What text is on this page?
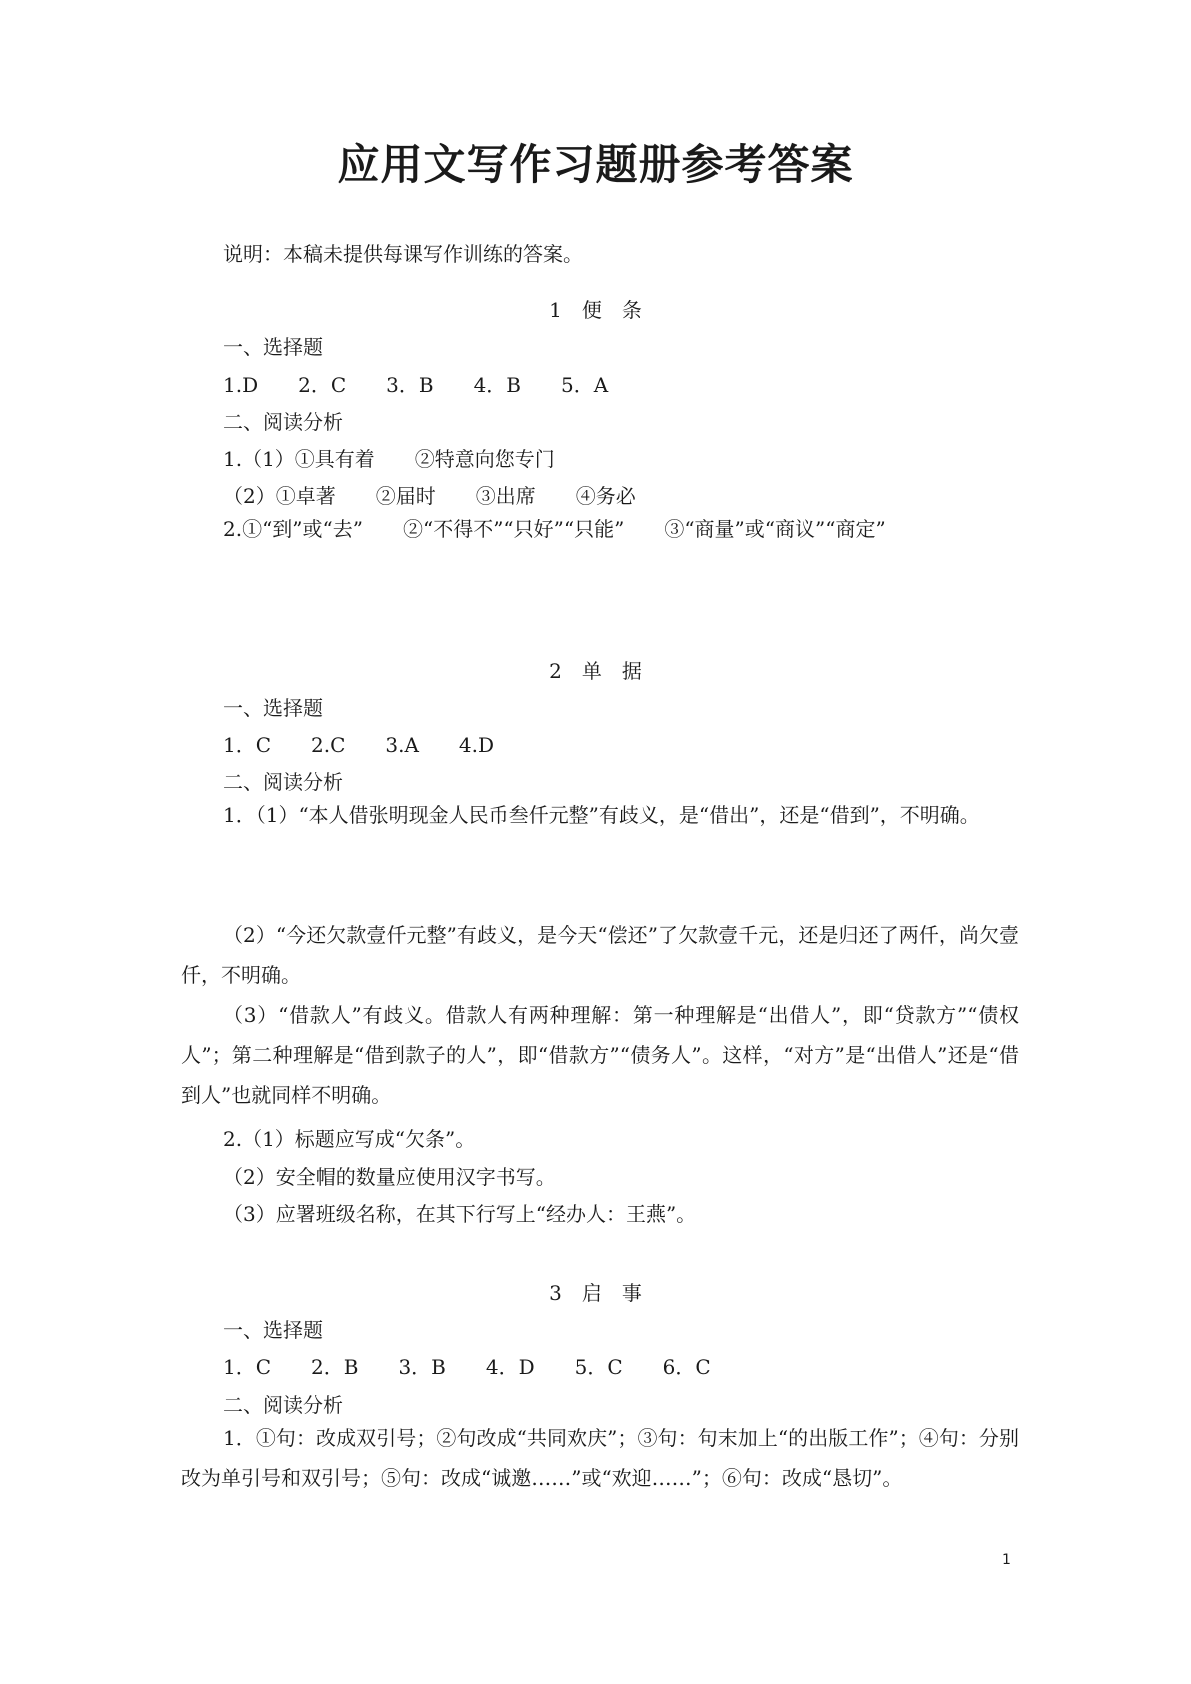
应用文写作习题册参考答案
说明：本稿未提供每课写作训练的答案。
1　便　条
一、选择题
1.D　　2．C　　3．B　　4．B　　5．A
二、阅读分析
1.（1）①具有着　　②特意向您专门
（2）①卓著　　②届时　　③出席　　④务必

2.①“到”或“去”　　②“不得不”“只好”“只能”　　③“商量”或“商议”“商定”

2　单　据
一、选择题
1．C　　2.C　　3.A　　4.D
二、阅读分析

1．（1）“本人借张明现金人民币叁仟元整”有歧义，是“借出”，还是“借到”，不明确。

（2）“今还欠款壹仟元整”有歧义，是今天“偿还”了欠款壹千元，还是归还了两仟，尚欠壹仟，不明确。

（3）“借款人”有歧义。借款人有两种理解：第一种理解是“出借人”，即“贷款方”“债权人”；第二种理解是“借到款子的人”，即“借款方”“债务人”。这样，“对方”是“出借人”还是“借到人”也就同样不明确。

2.（1）标题应写成“欠条”。
（2）安全帽的数量应使用汉字书写。
（3）应署班级名称，在其下行写上“经办人：王燕”。
3　启　事
一、选择题
1．C　　2．B　　3．B　　4．D　　5．C　　6．C
二、阅读分析

1．①句：改成双引号；②句改成“共同欢庆”；③句：句末加上“的出版工作”；④句：分别改为单引号和双引号；⑤句：改成“诚邀……”或“欢迎……”；⑥句：改成“恳切”。

1
